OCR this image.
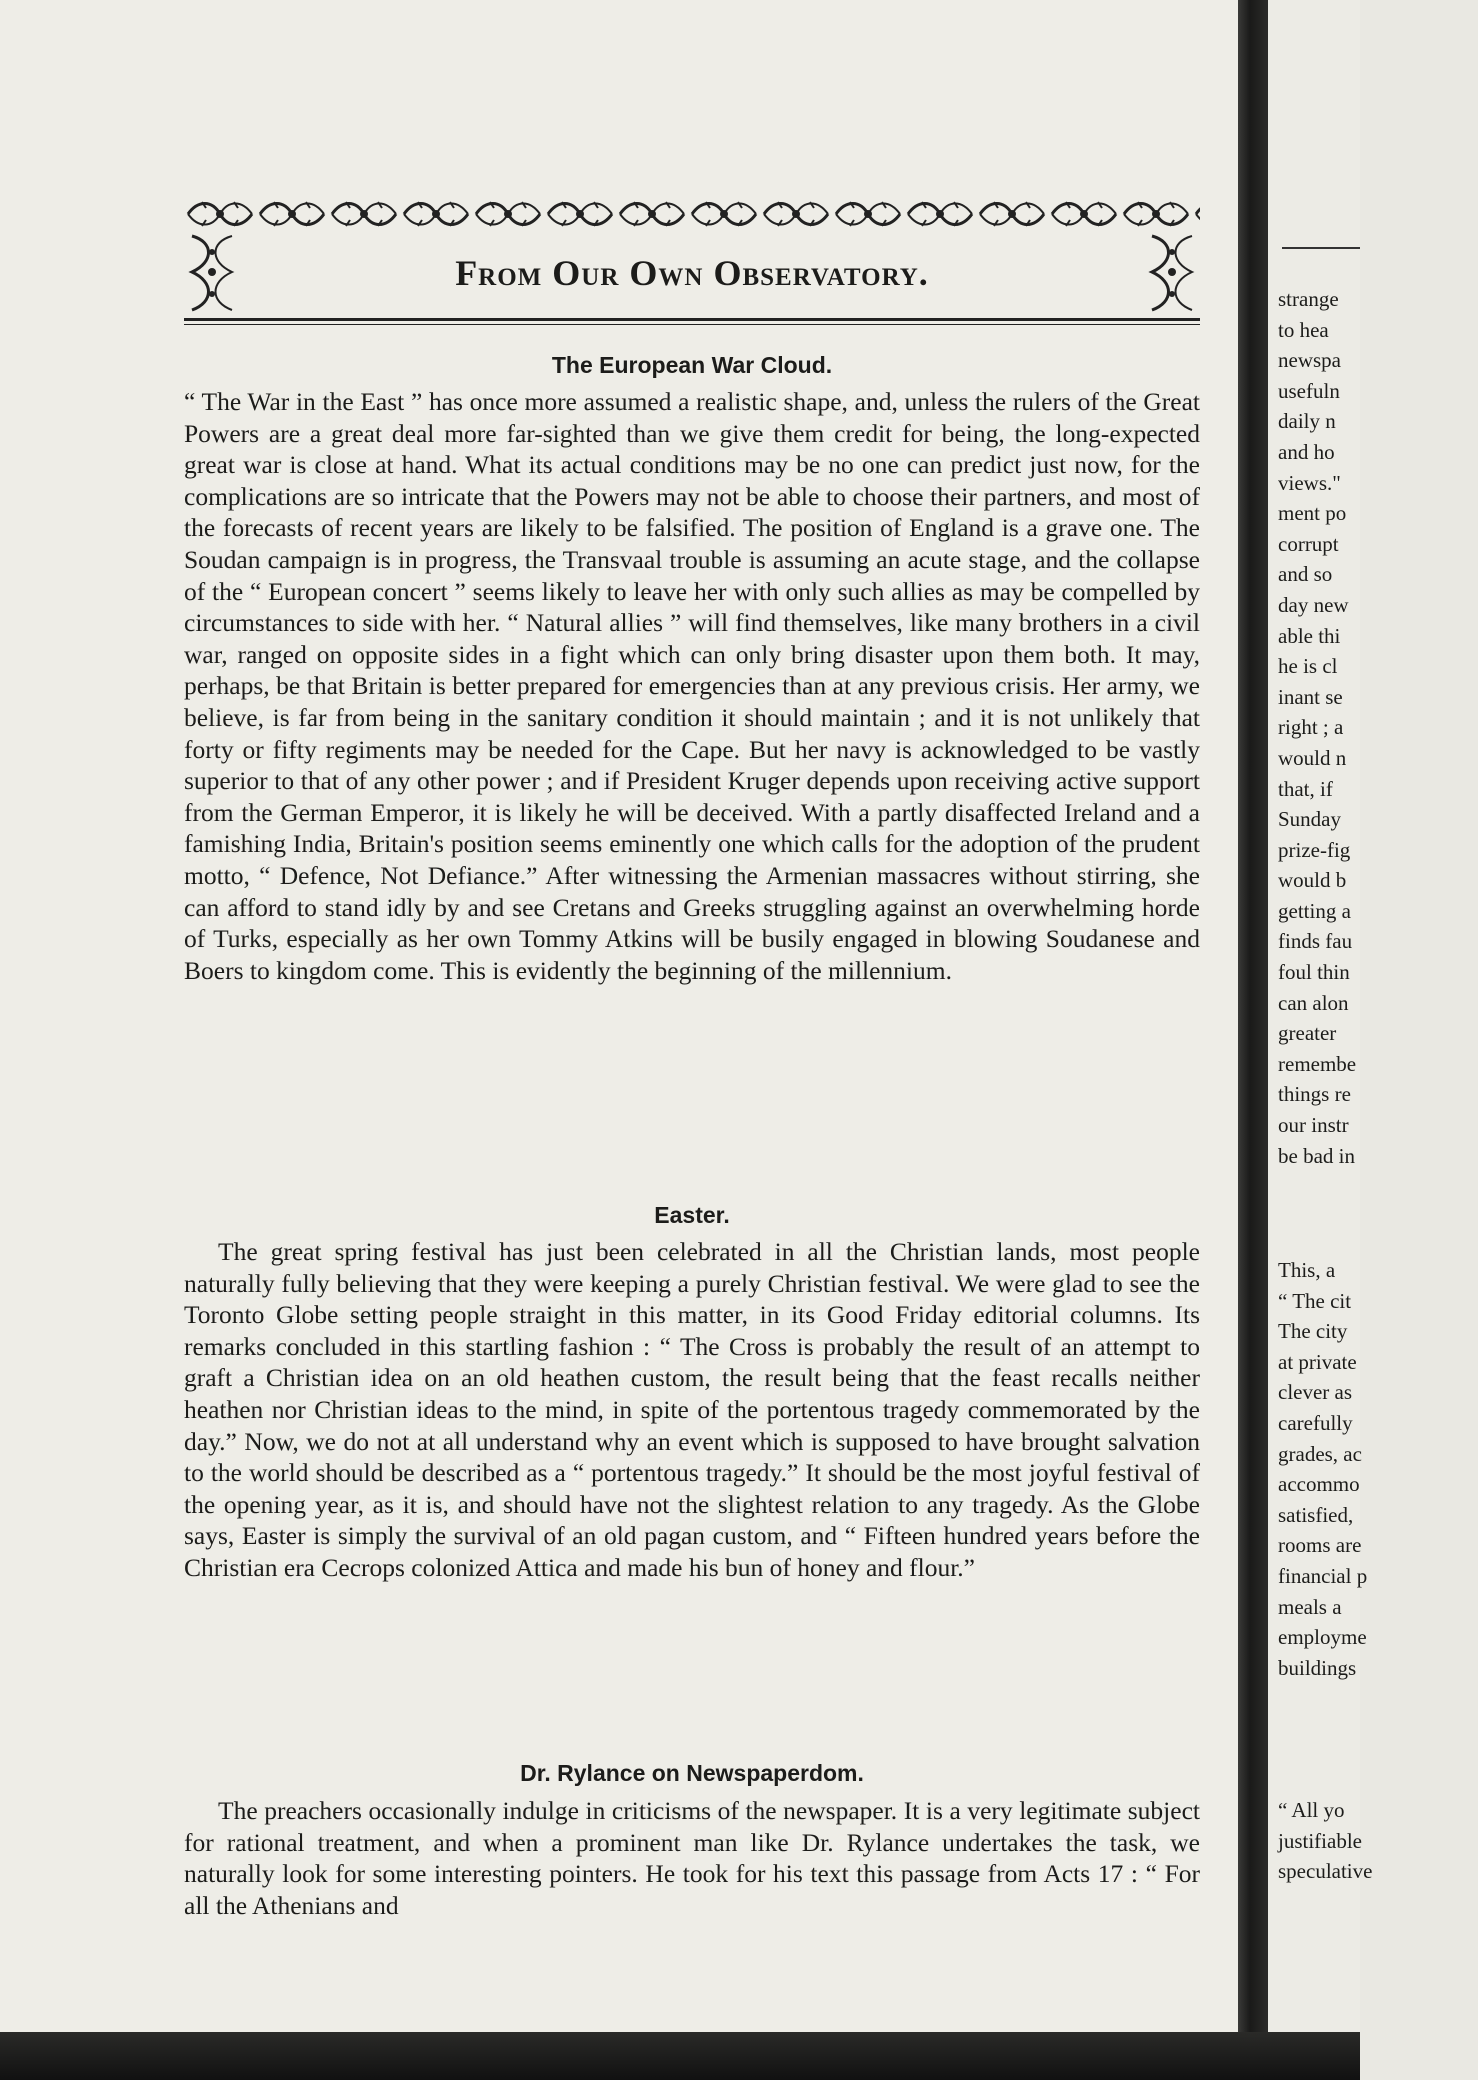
From Our Own Observatory.
The European War Cloud.

“ The War in the East ” has once more assumed a realistic shape, and, unless the rulers of the Great Powers are a great deal more far-sighted than we give them credit for being, the long-expected great war is close at hand. What its actual conditions may be no one can predict just now, for the complications are so intricate that the Powers may not be able to choose their partners, and most of the forecasts of recent years are likely to be falsified. The position of England is a grave one. The Soudan campaign is in progress, the Transvaal trouble is assuming an acute stage, and the collapse of the “ European concert ” seems likely to leave her with only such allies as may be compelled by circumstances to side with her. “ Natural allies ” will find themselves, like many brothers in a civil war, ranged on opposite sides in a fight which can only bring disaster upon them both. It may, perhaps, be that Britain is better prepared for emergencies than at any previous crisis. Her army, we believe, is far from being in the sanitary condition it should maintain ; and it is not unlikely that forty or fifty regiments may be needed for the Cape. But her navy is acknowledged to be vastly superior to that of any other power ; and if President Kruger depends upon receiving active support from the German Emperor, it is likely he will be deceived. With a partly disaffected Ireland and a famishing India, Britain's position seems eminently one which calls for the adoption of the prudent motto, “ Defence, Not Defiance.” After witnessing the Armenian massacres without stirring, she can afford to stand idly by and see Cretans and Greeks struggling against an overwhelming horde of Turks, especially as her own Tommy Atkins will be busily engaged in blowing Soudanese and Boers to kingdom come. This is evidently the beginning of the millennium.

Easter.

The great spring festival has just been celebrated in all the Christian lands, most people naturally fully believing that they were keeping a purely Christian festival. We were glad to see the Toronto Globe setting people straight in this matter, in its Good Friday editorial columns. Its remarks concluded in this startling fashion : “ The Cross is probably the result of an attempt to graft a Christian idea on an old heathen custom, the result being that the feast recalls neither heathen nor Christian ideas to the mind, in spite of the portentous tragedy commemorated by the day.” Now, we do not at all understand why an event which is supposed to have brought salvation to the world should be described as a “ portentous tragedy.” It should be the most joyful festival of the opening year, as it is, and should have not the slightest relation to any tragedy. As the Globe says, Easter is simply the survival of an old pagan custom, and “ Fifteen hundred years before the Christian era Cecrops colonized Attica and made his bun of honey and flour.”

Dr. Rylance on Newspaperdom.

The preachers occasionally indulge in criticisms of the newspaper. It is a very legitimate subject for rational treatment, and when a prominent man like Dr. Rylance undertakes the task, we naturally look for some interesting pointers. He took for his text this passage from Acts 17 : “ For all the Athenians and

strange
to hea
newspa
usefuln
daily n
and ho
views."
ment po
corrupt
and so
day new
able thi
he is cl
inant se
right ; a
would n
that, if
Sunday
prize-fig
would b
getting a
finds fau
foul thin
can alon
greater
remembe
things re
our instr
be bad in
This, a
“ The cit
The city
at private
clever as
carefully
grades, ac
accommo
satisfied,
rooms are
financial p
meals a
employme
buildings
“ All yo
justifiable
speculative
